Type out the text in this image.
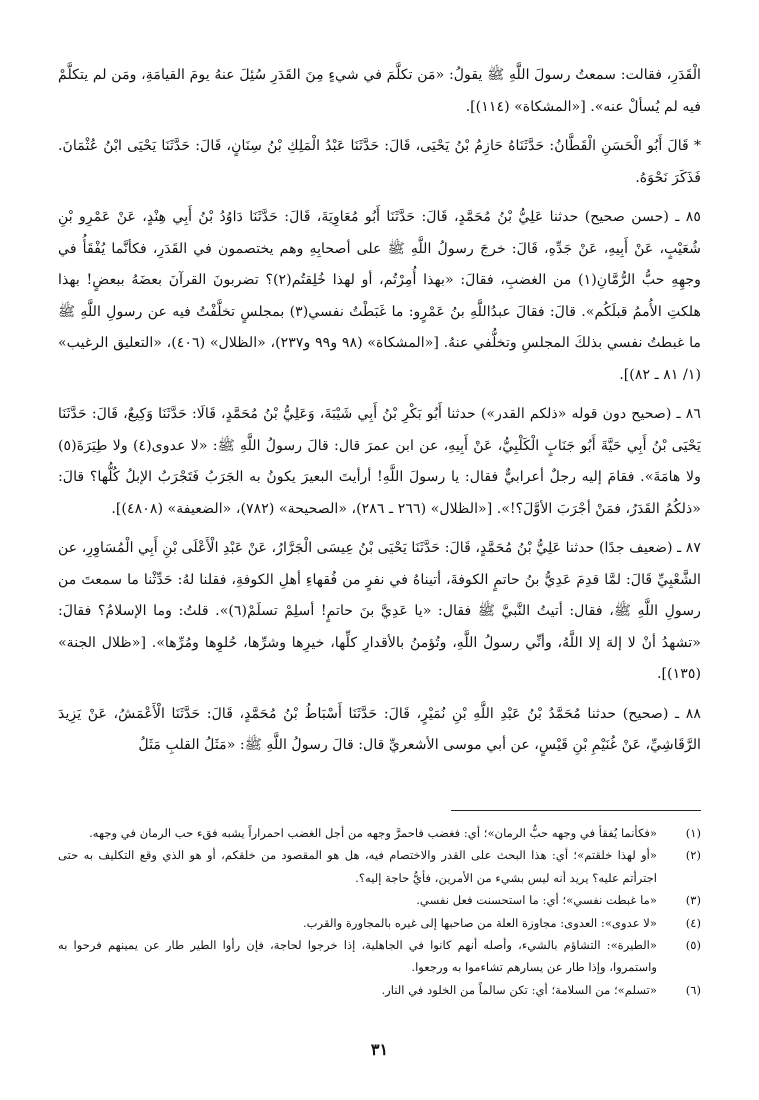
الْقَدَرِ، فقالت: سمعتُ رسولَ اللَّهِ ﷺ يقولُ: «مَن تكلَّمَ في شيءٍ مِنَ القَدَرِ سُئِلَ عنهُ يومَ القيامَةِ، ومَن لم يتكلَّمْ فيه لم يُسألْ عنه». [«المشكاة» (١١٤)].

* قَالَ أَبُو الْحَسَنِ الْقَطَّانُ: حَدَّثَنَاهُ حَازِمُ بْنُ يَحْيَى، قَالَ: حَدَّثَنَا عَبْدُ الْمَلِكِ بْنُ سِنَانٍ، قَالَ: حَدَّثَنَا يَحْيَى ابْنُ عُثْمَانَ. فَذَكَرَ نَحْوَهُ.

٨٥ ـ (حسن صحيح) حدثنا عَلِيُّ بْنُ مُحَمَّدٍ، قَالَ: حَدَّثَنَا أَبُو مُعَاوِيَةَ، قَالَ: حَدَّثَنَا دَاوُدُ بْنُ أَبِي هِنْدٍ، عَنْ عَمْرِو بْنِ شُعَيْبٍ، عَنْ أَبِيهِ، عَنْ جَدِّهِ، قَالَ: خرجَ رسولُ اللَّهِ ﷺ على أصحابِهِ وهم يختصمون في القَدَرِ، فكأنَّما يُفْقَأُ في وجهِهِ حبُّ الرُّمَّانِ(١) من الغضبِ، فقالَ: «بهذا أُمِرْتُم، أو لهذا خُلِقتُم(٢)؟ تضربونَ القرآنَ بعضَهُ ببعضٍ! بهذا هلكتِ الأُممُ قبلَكُم». قالَ: فقالَ عبدُاللَّهِ بنُ عَمْرٍو: ما غَبَطْتُ نفسي(٣) بمجلسٍ تخلَّفْتُ فيه عن رسولِ اللَّهِ ﷺ ما غبطتُ نفسي بذلكَ المجلسِ وتخلُّفي عنهُ. [«المشكاة» (٩٨ و٩٩ و٢٣٧)، «الظلال» (٤٠٦)، «التعليق الرغيب» (١/ ٨١ ـ ٨٢)].

٨٦ ـ (صحيح دون قوله «ذلكم القدر») حدثنا أَبُو بَكْرِ بْنُ أَبِي شَيْبَةَ، وَعَلِيُّ بْنُ مُحَمَّدٍ، قَالَا: حَدَّثَنَا وَكِيعٌ، قَالَ: حَدَّثَنَا يَحْيَى بْنُ أَبِي حَيَّةَ أَبُو جَنَابٍ الْكَلْبِيُّ، عَنْ أَبِيهِ، عن ابن عمرَ قال: قالَ رسولُ اللَّهِ ﷺ: «لا عدوى(٤) ولا طِيَرَةَ(٥) ولا هامَةَ». فقامَ إليه رجلٌ أعرابيٌّ فقال: يا رسولَ اللَّهِ! أرأيتَ البعيرَ يكونُ به الجَرَبُ فَتَجْرَبُ الإبلُ كُلُّها؟ قالَ: «ذلكُمُ القَدَرُ، فمَنْ أجْرَبَ الأوَّلَ؟!». [«الظلال» (٢٦٦ ـ ٢٨٦)، «الصحيحة» (٧٨٢)، «الضعيفة» (٤٨٠٨)].

٨٧ ـ (ضعيف جدًا) حدثنا عَلِيُّ بْنُ مُحَمَّدٍ، قَالَ: حَدَّثَنَا يَحْيَى بْنُ عِيسَى الْجَرَّارُ، عَنْ عَبْدِ الْأَعْلَى بْنِ أَبِي الْمُسَاوِرِ، عن الشَّعْبِيِّ قَالَ: لمَّا قدِمَ عَدِيُّ بنُ حاتمٍ الكوفةَ، أتيناهُ في نفرٍ من فُقهاءِ أهلِ الكوفةِ، فقلنا لهُ: حَدِّثْنا ما سمعتَ من رسولِ اللَّهِ ﷺ، فقال: أتيتُ النَّبيَّ ﷺ فقال: «يا عَدِيَّ بنَ حاتمٍ! أسلِمْ تسلَمْ(٦)». قلتُ: وما الإسلامُ؟ فقالَ: «تشهدُ أنْ لا إلهَ إلا اللَّهُ، وأنِّي رسولُ اللَّهِ، وتُؤمنُ بالأقدارِ كلِّها، خيرِها وشرِّها، حُلوِها ومُرِّها». [«ظلال الجنة» (١٣٥)].

٨٨ ـ (صحيح) حدثنا مُحَمَّدُ بْنُ عَبْدِ اللَّهِ بْنِ نُمَيْرٍ، قَالَ: حَدَّثَنَا أَسْبَاطُ بْنُ مُحَمَّدٍ، قَالَ: حَدَّثَنَا الْأَعْمَشُ، عَنْ يَزِيدَ الرَّقَاشِيِّ، عَنْ غُنَيْمِ بْنِ قَيْسٍ، عن أبي موسى الأشعريِّ قال: قالَ رسولُ اللَّهِ ﷺ: «مَثَلُ القلبِ مَثَلُ

(١)
«فكأنما يُفقأ في وجهه حبُّ الرمان»؛ أي: فغضب فاحمرَّ وجهه من أجل الغضب احمراراً يشبه فقء حب الرمان في وجهه.
(٢)
«أو لهذا خلقتم»؛ أي: هذا البحث على القدر والاختصام فيه، هل هو المقصود من خلقكم، أو هو الذي وقع التكليف به حتى اجترأتم عليه؟ يريد أنه ليس بشيء من الأمرين، فأيُّ حاجة إليه؟.
(٣)
«ما غبطت نفسي»؛ أي: ما استحسنت فعل نفسي.
(٤)
«لا عدوى»: العدوى: مجاوزة العلة من صاحبها إلى غيره بالمجاورة والقرب.
(٥)
«الطيرة»: التشاؤم بالشيء، وأصله أنهم كانوا في الجاهلية، إذا خرجوا لحاجة، فإن رأوا الطير طار عن يمينهم فرحوا به واستمروا، وإذا طار عن يسارهم تشاءموا به ورجعوا.
(٦)
«تسلم»؛ من السلامة؛ أي: تكن سالماً من الخلود في النار.
٣١
